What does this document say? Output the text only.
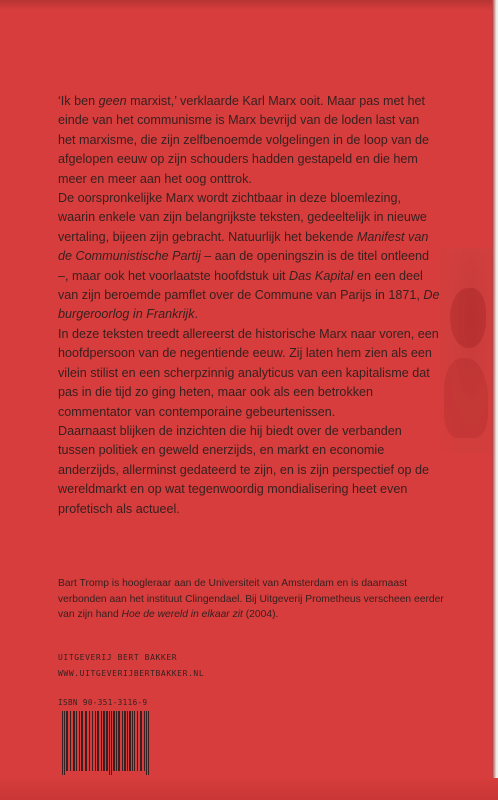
‘Ik ben geen marxist,’ verklaarde Karl Marx ooit. Maar pas met het einde van het communisme is Marx bevrijd van de loden last van het marxisme, die zijn zelfbenoemde volgelingen in de loop van de afgelopen eeuw op zijn schouders hadden gestapeld en die hem meer en meer aan het oog onttrok.

De oorspronkelijke Marx wordt zichtbaar in deze bloemlezing, waarin enkele van zijn belangrijkste teksten, gedeeltelijk in nieuwe vertaling, bijeen zijn gebracht. Natuurlijk het bekende Manifest van de Communistische Partij – aan de openingszin is de titel ontleend –, maar ook het voorlaatste hoofdstuk uit Das Kapital en een deel van zijn beroemde pamflet over de Commune van Parijs in 1871, De burgeroorlog in Frankrijk.

In deze teksten treedt allereerst de historische Marx naar voren, een hoofdpersoon van de negentiende eeuw. Zij laten hem zien als een vilein stilist en een scherpzinnig analyticus van een kapitalisme dat pas in die tijd zo ging heten, maar ook als een betrokken commentator van contemporaine gebeurtenissen.

Daarnaast blijken de inzichten die hij biedt over de verbanden tussen politiek en geweld enerzijds, en markt en economie anderzijds, allerminst gedateerd te zijn, en is zijn perspectief op de wereldmarkt en op wat tegenwoordig mondialisering heet even profetisch als actueel.

Bart Tromp is hoogleraar aan de Universiteit van Amsterdam en is daarnaast verbonden aan het instituut Clingendael. Bij Uitgeverij Prometheus verscheen eerder van zijn hand Hoe de wereld in elkaar zit (2004).
UITGEVERIJ BERT BAKKER
WWW.UITGEVERIJBERTBAKKER.NL
ISBN 90-351-3116-9
